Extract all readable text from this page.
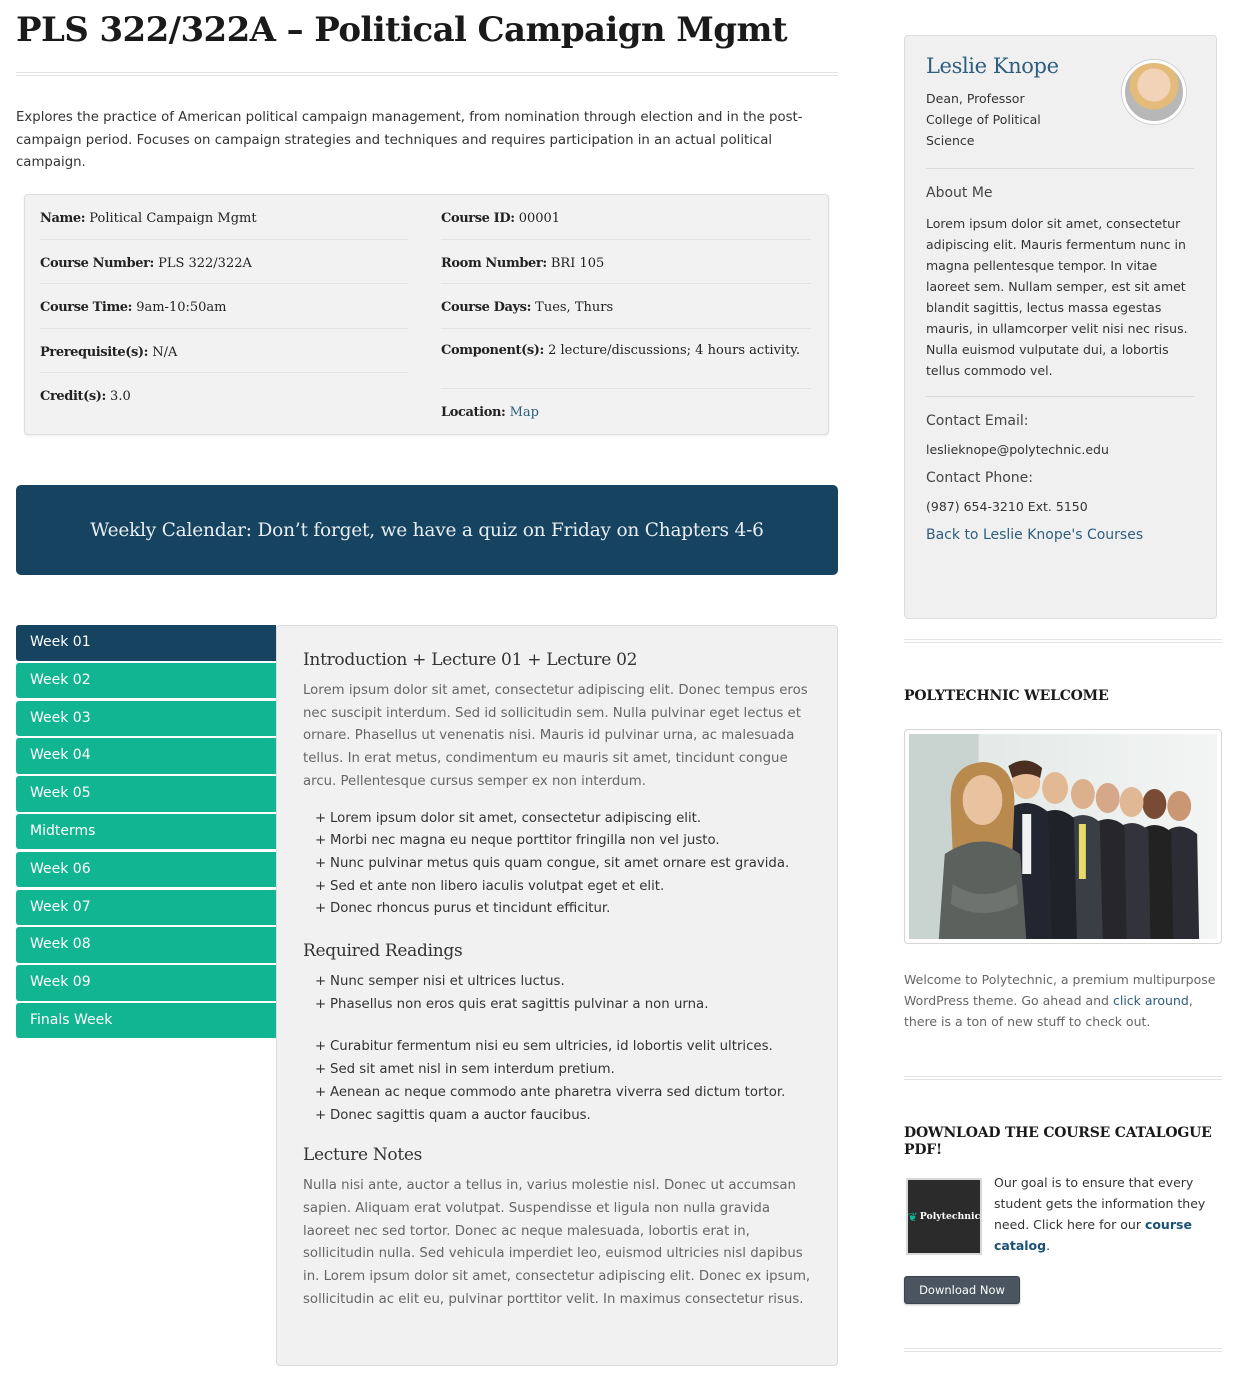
PLS 322/322A – Political Campaign Mgmt

Explores the practice of American political campaign management, from nomination through election and in the post-campaign period. Focuses on campaign strategies and techniques and requires participation in an actual political campaign.

Name: Political Campaign Mgmt
Course Number: PLS 322/322A
Course Time: 9am-10:50am
Prerequisite(s): N/A
Credit(s): 3.0
Course ID: 00001
Room Number: BRI 105
Course Days: Tues, Thurs
Component(s): 2 lecture/discussions; 4 hours activity.
Location: Map
Weekly Calendar: Don’t forget, we have a quiz on Friday on Chapters 4-6
Week 01
Week 02
Week 03
Week 04
Week 05
Midterms
Week 06
Week 07
Week 08
Week 09
Finals Week
Introduction + Lecture 01 + Lecture 02

Lorem ipsum dolor sit amet, consectetur adipiscing elit. Donec tempus eros nec suscipit interdum. Sed id sollicitudin sem. Nulla pulvinar eget lectus et ornare. Phasellus ut venenatis nisi. Mauris id pulvinar urna, ac malesuada tellus. In erat metus, condimentum eu mauris sit amet, tincidunt congue arcu. Pellentesque cursus semper ex non interdum.

+ Lorem ipsum dolor sit amet, consectetur adipiscing elit.
+ Morbi nec magna eu neque porttitor fringilla non vel justo.
+ Nunc pulvinar metus quis quam congue, sit amet ornare est gravida.
+ Sed et ante non libero iaculis volutpat eget et elit.
+ Donec rhoncus purus et tincidunt efficitur.
Required Readings
+ Nunc semper nisi et ultrices luctus.
+ Phasellus non eros quis erat sagittis pulvinar a non urna.
+ Curabitur fermentum nisi eu sem ultricies, id lobortis velit ultrices.
+ Sed sit amet nisl in sem interdum pretium.
+ Aenean ac neque commodo ante pharetra viverra sed dictum tortor.
+ Donec sagittis quam a auctor faucibus.
Lecture Notes

Nulla nisi ante, auctor a tellus in, varius molestie nisl. Donec ut accumsan sapien. Aliquam erat volutpat. Suspendisse et ligula non nulla gravida laoreet nec sed tortor. Donec ac neque malesuada, lobortis erat in, sollicitudin nulla. Sed vehicula imperdiet leo, euismod ultricies nisl dapibus in. Lorem ipsum dolor sit amet, consectetur adipiscing elit. Donec ex ipsum, sollicitudin ac elit eu, pulvinar porttitor velit. In maximus consectetur risus.

Leslie Knope

Dean, Professor

College of Political

Science

About Me

Lorem ipsum dolor sit amet, consectetur adipiscing elit. Mauris fermentum nunc in magna pellentesque tempor. In vitae laoreet sem. Nullam semper, est sit amet blandit sagittis, lectus massa egestas mauris, in ullamcorper velit nisi nec risus. Nulla euismod vulputate dui, a lobortis tellus commodo vel.

Contact Email:

leslieknope@polytechnic.edu

Contact Phone:

(987) 654-3210 Ext. 5150

Back to Leslie Knope's Courses
POLYTECHNIC WELCOME

Welcome to Polytechnic, a premium multipurpose WordPress theme. Go ahead and click around, there is a ton of new stuff to check out.

DOWNLOAD THE COURSE CATALOGUE PDF!
❦ Polytechnic

Our goal is to ensure that every student gets the information they need. Click here for our course catalog.

Download Now
